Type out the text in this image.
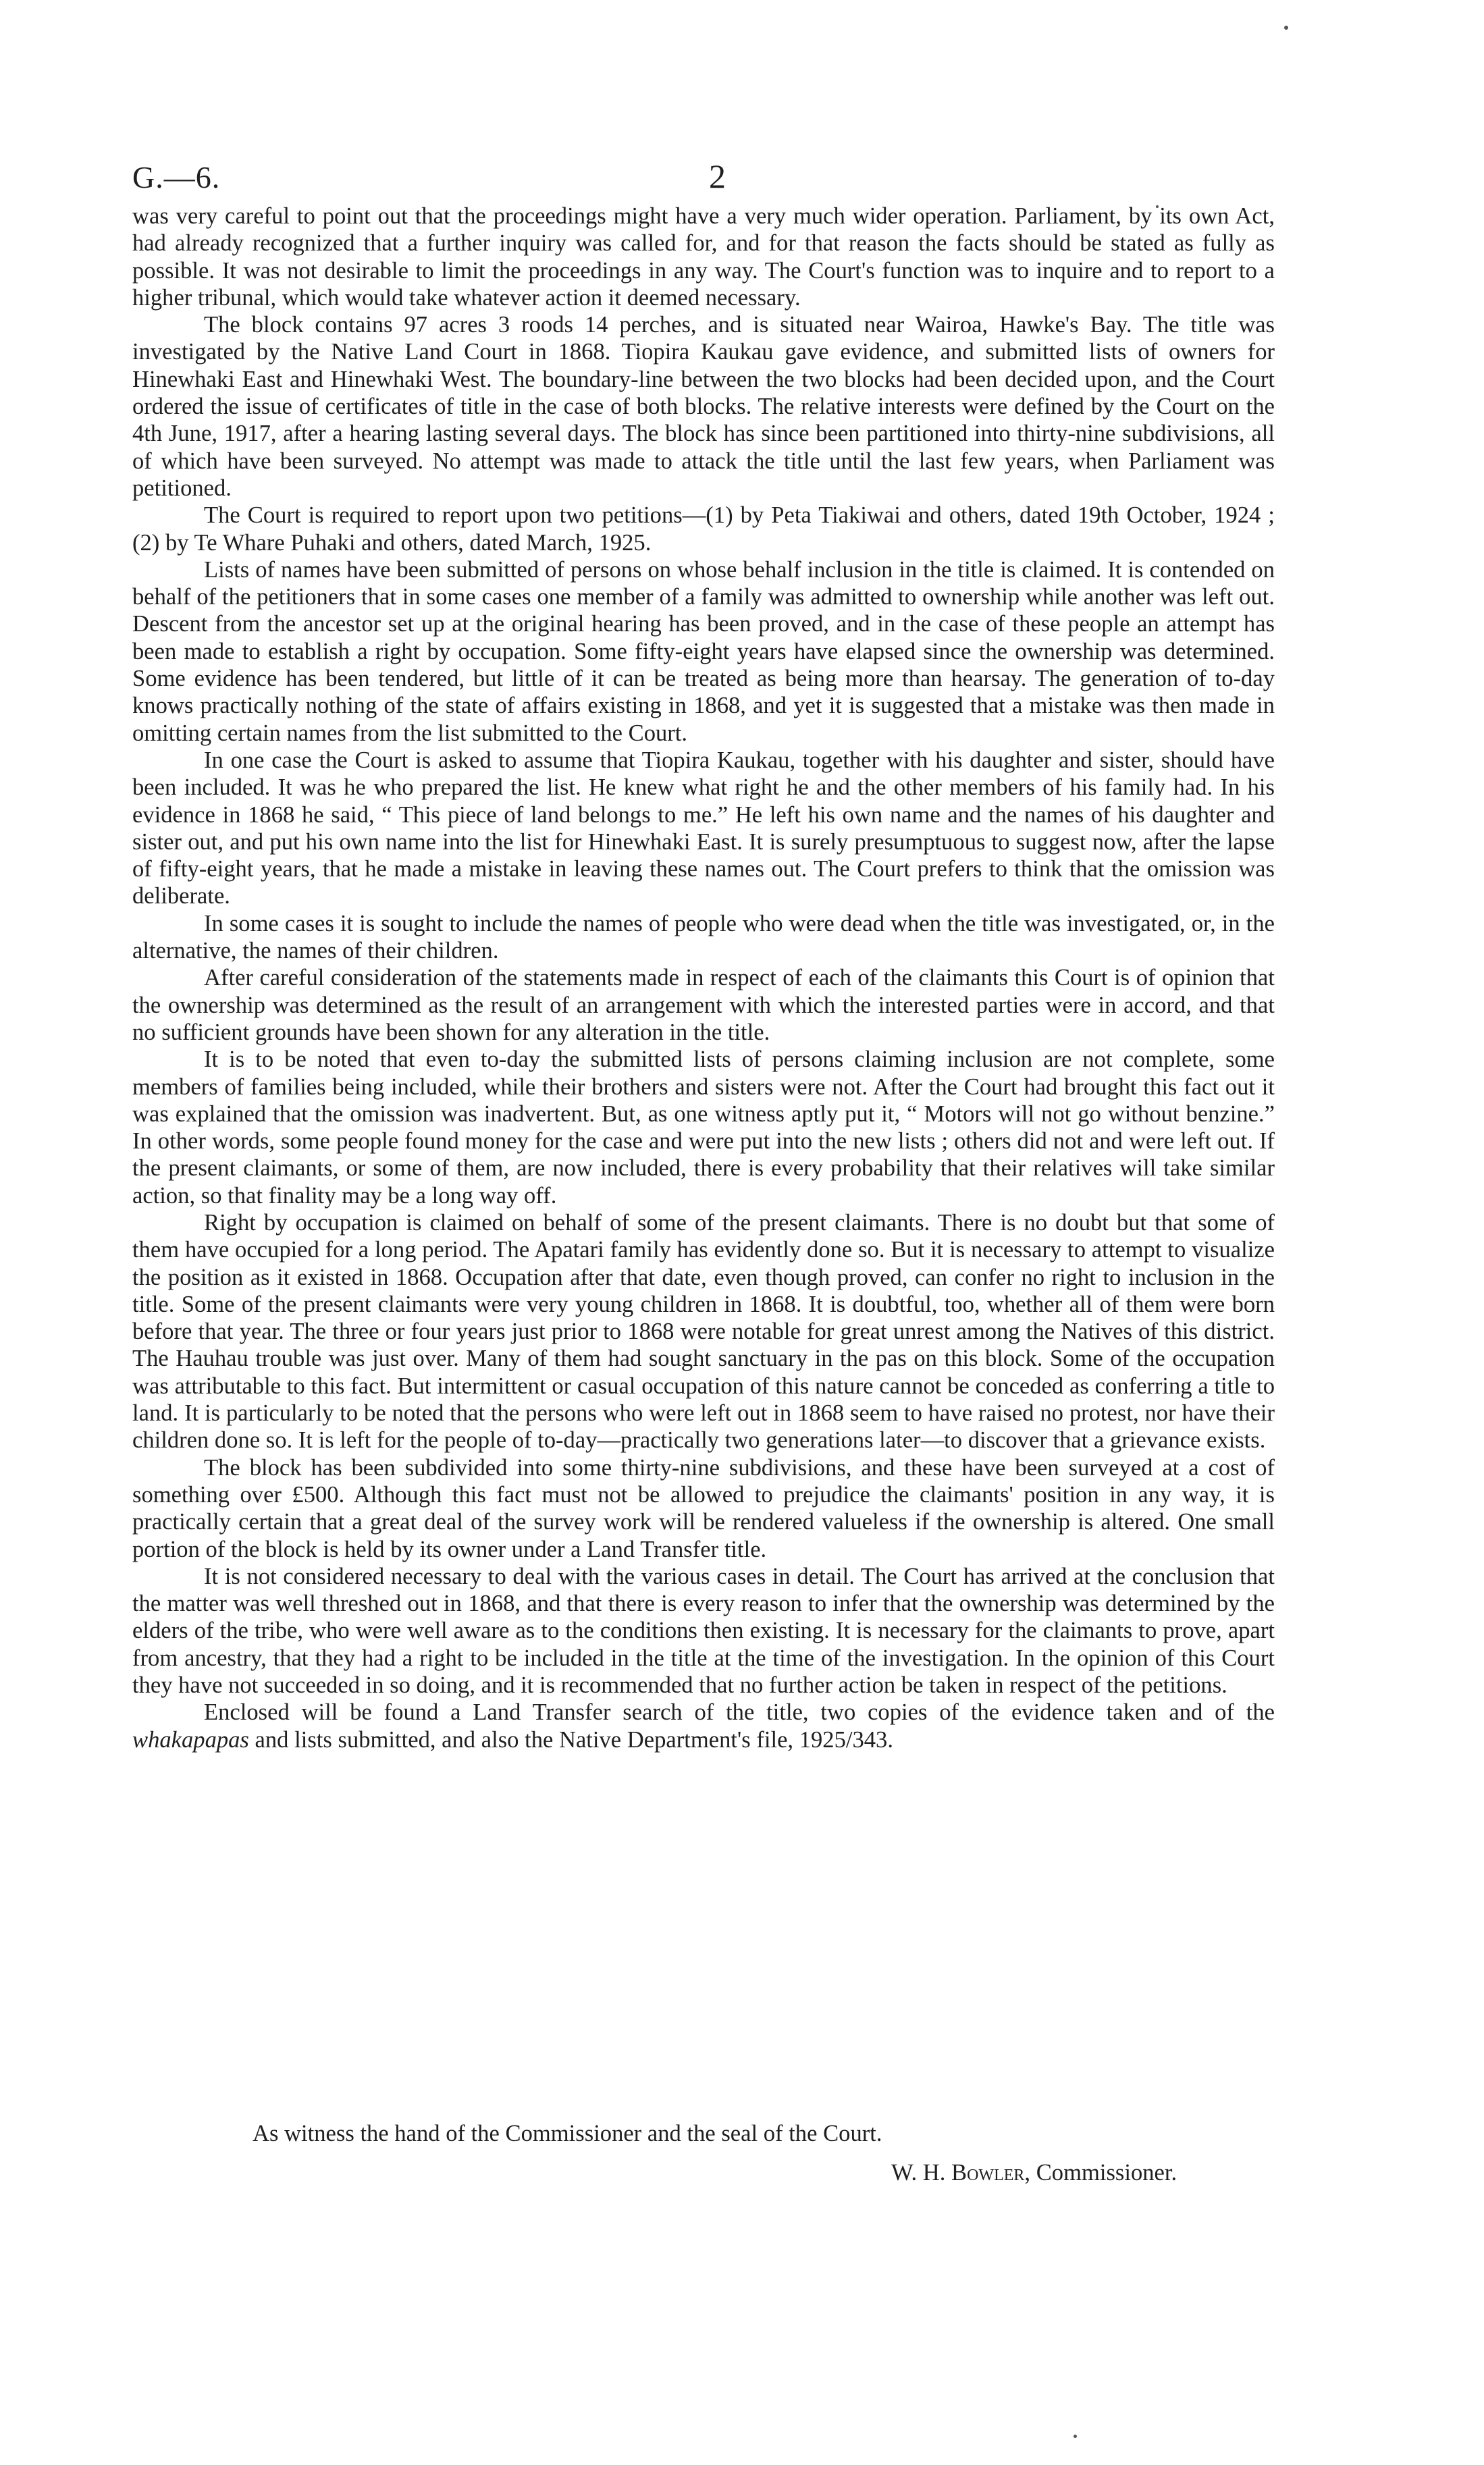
G.—6.	2

was very careful to point out that the proceedings might have a very much wider operation. Parliament, by its own Act, had already recognized that a further inquiry was called for, and for that reason the facts should be stated as fully as possible. It was not desirable to limit the proceedings in any way. The Court's function was to inquire and to report to a higher tribunal, which would take whatever action it deemed necessary.

The block contains 97 acres 3 roods 14 perches, and is situated near Wairoa, Hawke's Bay. The title was investigated by the Native Land Court in 1868. Tiopira Kaukau gave evidence, and submitted lists of owners for Hinewhaki East and Hinewhaki West. The boundary-line between the two blocks had been decided upon, and the Court ordered the issue of certificates of title in the case of both blocks. The relative interests were defined by the Court on the 4th June, 1917, after a hearing lasting several days. The block has since been partitioned into thirty-nine subdivisions, all of which have been surveyed. No attempt was made to attack the title until the last few years, when Parliament was petitioned.

The Court is required to report upon two petitions—(1) by Peta Tiakiwai and others, dated 19th October, 1924 ; (2) by Te Whare Puhaki and others, dated March, 1925.

Lists of names have been submitted of persons on whose behalf inclusion in the title is claimed. It is contended on behalf of the petitioners that in some cases one member of a family was admitted to ownership while another was left out. Descent from the ancestor set up at the original hearing has been proved, and in the case of these people an attempt has been made to establish a right by occupation. Some fifty-eight years have elapsed since the ownership was determined. Some evidence has been tendered, but little of it can be treated as being more than hearsay. The generation of to-day knows practically nothing of the state of affairs existing in 1868, and yet it is suggested that a mistake was then made in omitting certain names from the list submitted to the Court.

In one case the Court is asked to assume that Tiopira Kaukau, together with his daughter and sister, should have been included. It was he who prepared the list. He knew what right he and the other members of his family had. In his evidence in 1868 he said, “ This piece of land belongs to me.” He left his own name and the names of his daughter and sister out, and put his own name into the list for Hinewhaki East. It is surely presumptuous to suggest now, after the lapse of fifty-eight years, that he made a mistake in leaving these names out. The Court prefers to think that the omission was deliberate.

In some cases it is sought to include the names of people who were dead when the title was investigated, or, in the alternative, the names of their children.

After careful consideration of the statements made in respect of each of the claimants this Court is of opinion that the ownership was determined as the result of an arrangement with which the interested parties were in accord, and that no sufficient grounds have been shown for any alteration in the title.

It is to be noted that even to-day the submitted lists of persons claiming inclusion are not complete, some members of families being included, while their brothers and sisters were not. After the Court had brought this fact out it was explained that the omission was inadvertent. But, as one witness aptly put it, “ Motors will not go without benzine.” In other words, some people found money for the case and were put into the new lists ; others did not and were left out. If the present claimants, or some of them, are now included, there is every probability that their relatives will take similar action, so that finality may be a long way off.

Right by occupation is claimed on behalf of some of the present claimants. There is no doubt but that some of them have occupied for a long period. The Apatari family has evidently done so. But it is necessary to attempt to visualize the position as it existed in 1868. Occupation after that date, even though proved, can confer no right to inclusion in the title. Some of the present claimants were very young children in 1868. It is doubtful, too, whether all of them were born before that year. The three or four years just prior to 1868 were notable for great unrest among the Natives of this district. The Hauhau trouble was just over. Many of them had sought sanctuary in the pas on this block. Some of the occupation was attributable to this fact. But intermittent or casual occupation of this nature cannot be conceded as conferring a title to land. It is particularly to be noted that the persons who were left out in 1868 seem to have raised no protest, nor have their children done so. It is left for the people of to-day—practically two generations later—to discover that a grievance exists.

The block has been subdivided into some thirty-nine subdivisions, and these have been surveyed at a cost of something over £500. Although this fact must not be allowed to prejudice the claimants' position in any way, it is practically certain that a great deal of the survey work will be rendered valueless if the ownership is altered. One small portion of the block is held by its owner under a Land Transfer title.

It is not considered necessary to deal with the various cases in detail. The Court has arrived at the conclusion that the matter was well threshed out in 1868, and that there is every reason to infer that the ownership was determined by the elders of the tribe, who were well aware as to the conditions then existing. It is necessary for the claimants to prove, apart from ancestry, that they had a right to be included in the title at the time of the investigation. In the opinion of this Court they have not succeeded in so doing, and it is recommended that no further action be taken in respect of the petitions.

Enclosed will be found a Land Transfer search of the title, two copies of the evidence taken and of the whakapapas and lists submitted, and also the Native Department's file, 1925/343.

As witness the hand of the Commissioner and the seal of the Court.
W. H. Bowler, Commissioner.
